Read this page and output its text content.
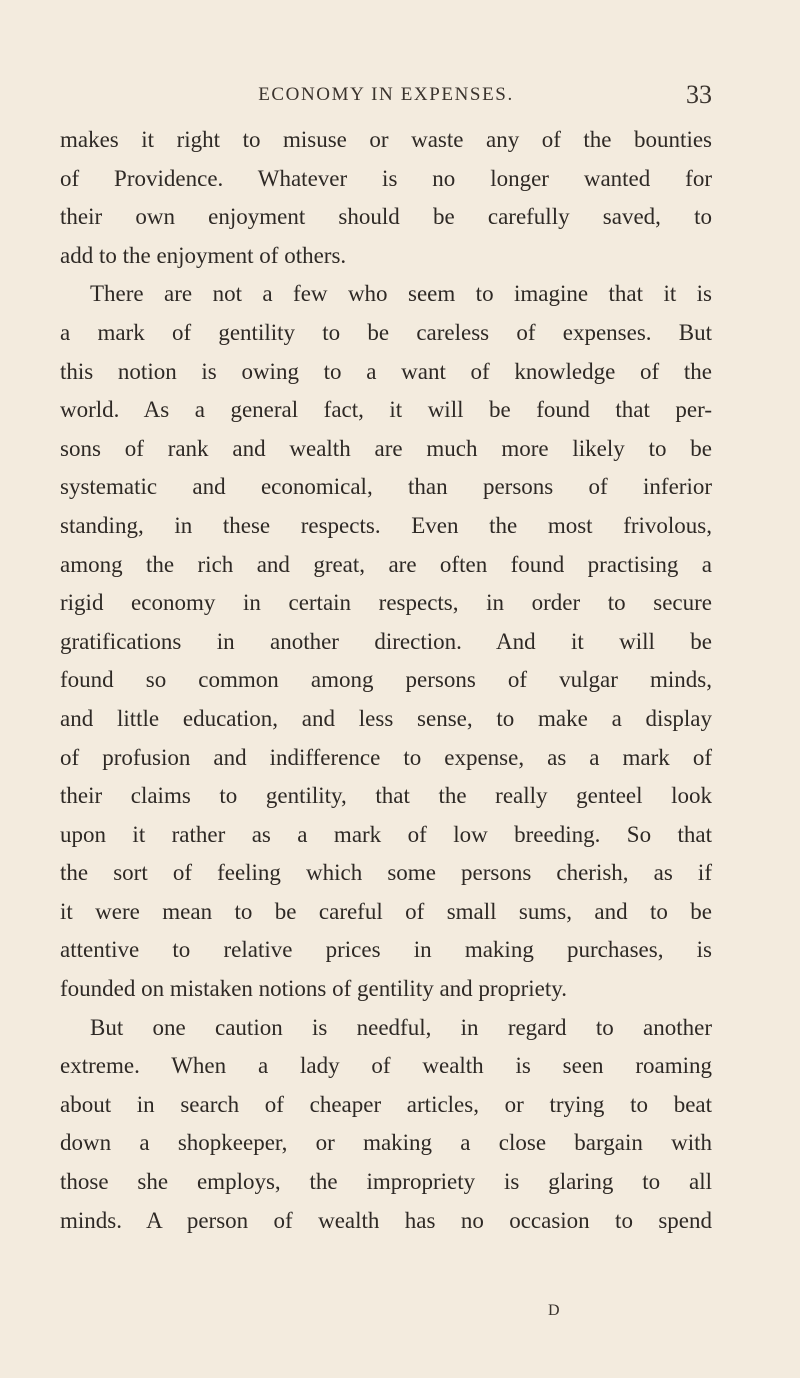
ECONOMY IN EXPENSES.	33
makes it right to misuse or waste any of the bounties
of Providence. Whatever is no longer wanted for
their own enjoyment should be carefully saved, to
add to the enjoyment of others.
There are not a few who seem to imagine that it is
a mark of gentility to be careless of expenses. But
this notion is owing to a want of knowledge of the
world. As a general fact, it will be found that per-
sons of rank and wealth are much more likely to be
systematic and economical, than persons of inferior
standing, in these respects. Even the most frivolous,
among the rich and great, are often found practising a
rigid economy in certain respects, in order to secure
gratifications in another direction. And it will be
found so common among persons of vulgar minds,
and little education, and less sense, to make a display
of profusion and indifference to expense, as a mark of
their claims to gentility, that the really genteel look
upon it rather as a mark of low breeding. So that
the sort of feeling which some persons cherish, as if
it were mean to be careful of small sums, and to be
attentive to relative prices in making purchases, is
founded on mistaken notions of gentility and propriety.
But one caution is needful, in regard to another
extreme. When a lady of wealth is seen roaming
about in search of cheaper articles, or trying to beat
down a shopkeeper, or making a close bargain with
those she employs, the impropriety is glaring to all
minds. A person of wealth has no occasion to spend
D
